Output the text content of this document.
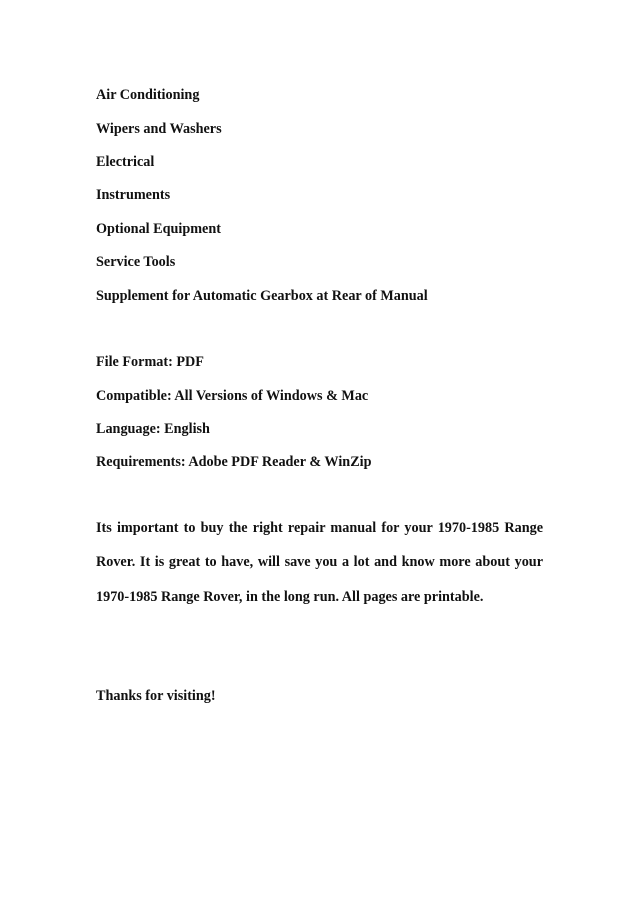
Air Conditioning
Wipers and Washers
Electrical
Instruments
Optional Equipment
Service Tools
Supplement for Automatic Gearbox at Rear of Manual
File Format: PDF
Compatible: All Versions of Windows & Mac
Language: English
Requirements: Adobe PDF Reader & WinZip

Its important to buy the right repair manual for your 1970-1985 Range Rover. It is great to have, will save you a lot and know more about your 1970-1985 Range Rover, in the long run. All pages are printable.

Thanks for visiting!
